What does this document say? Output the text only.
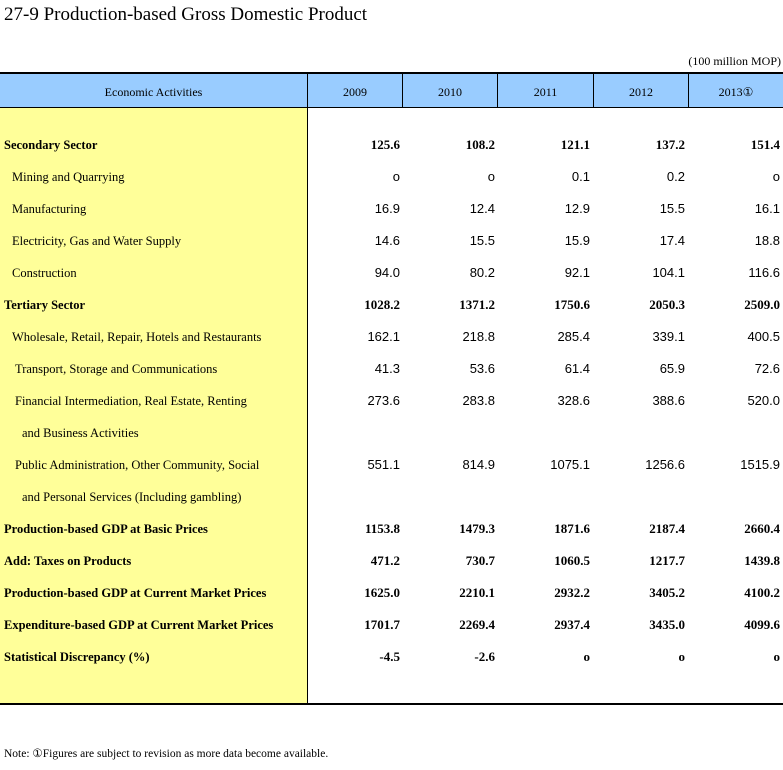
27-9 Production-based Gross Domestic Product
(100 million MOP)
Economic Activities	2009	2010	2011	2012	2013①
Secondary Sector	125.6	108.2	121.1	137.2	151.4
Mining and Quarrying	o	o	0.1	0.2	o
Manufacturing	16.9	12.4	12.9	15.5	16.1
Electricity, Gas and Water Supply	14.6	15.5	15.9	17.4	18.8
Construction	94.0	80.2	92.1	104.1	116.6
Tertiary Sector	1028.2	1371.2	1750.6	2050.3	2509.0
Wholesale, Retail, Repair, Hotels and Restaurants	162.1	218.8	285.4	339.1	400.5
Transport, Storage and Communications	41.3	53.6	61.4	65.9	72.6
Financial Intermediation, Real Estate, Renting	273.6	283.8	328.6	388.6	520.0
and Business Activities
Public Administration, Other Community, Social	551.1	814.9	1075.1	1256.6	1515.9
and Personal Services (Including gambling)
Production-based GDP at Basic Prices	1153.8	1479.3	1871.6	2187.4	2660.4
Add: Taxes on Products	471.2	730.7	1060.5	1217.7	1439.8
Production-based GDP at Current Market Prices	1625.0	2210.1	2932.2	3405.2	4100.2
Expenditure-based GDP at Current Market Prices	1701.7	2269.4	2937.4	3435.0	4099.6
Statistical Discrepancy (%)	-4.5	-2.6	o	o	o
Note: ①Figures are subject to revision as more data become available.
